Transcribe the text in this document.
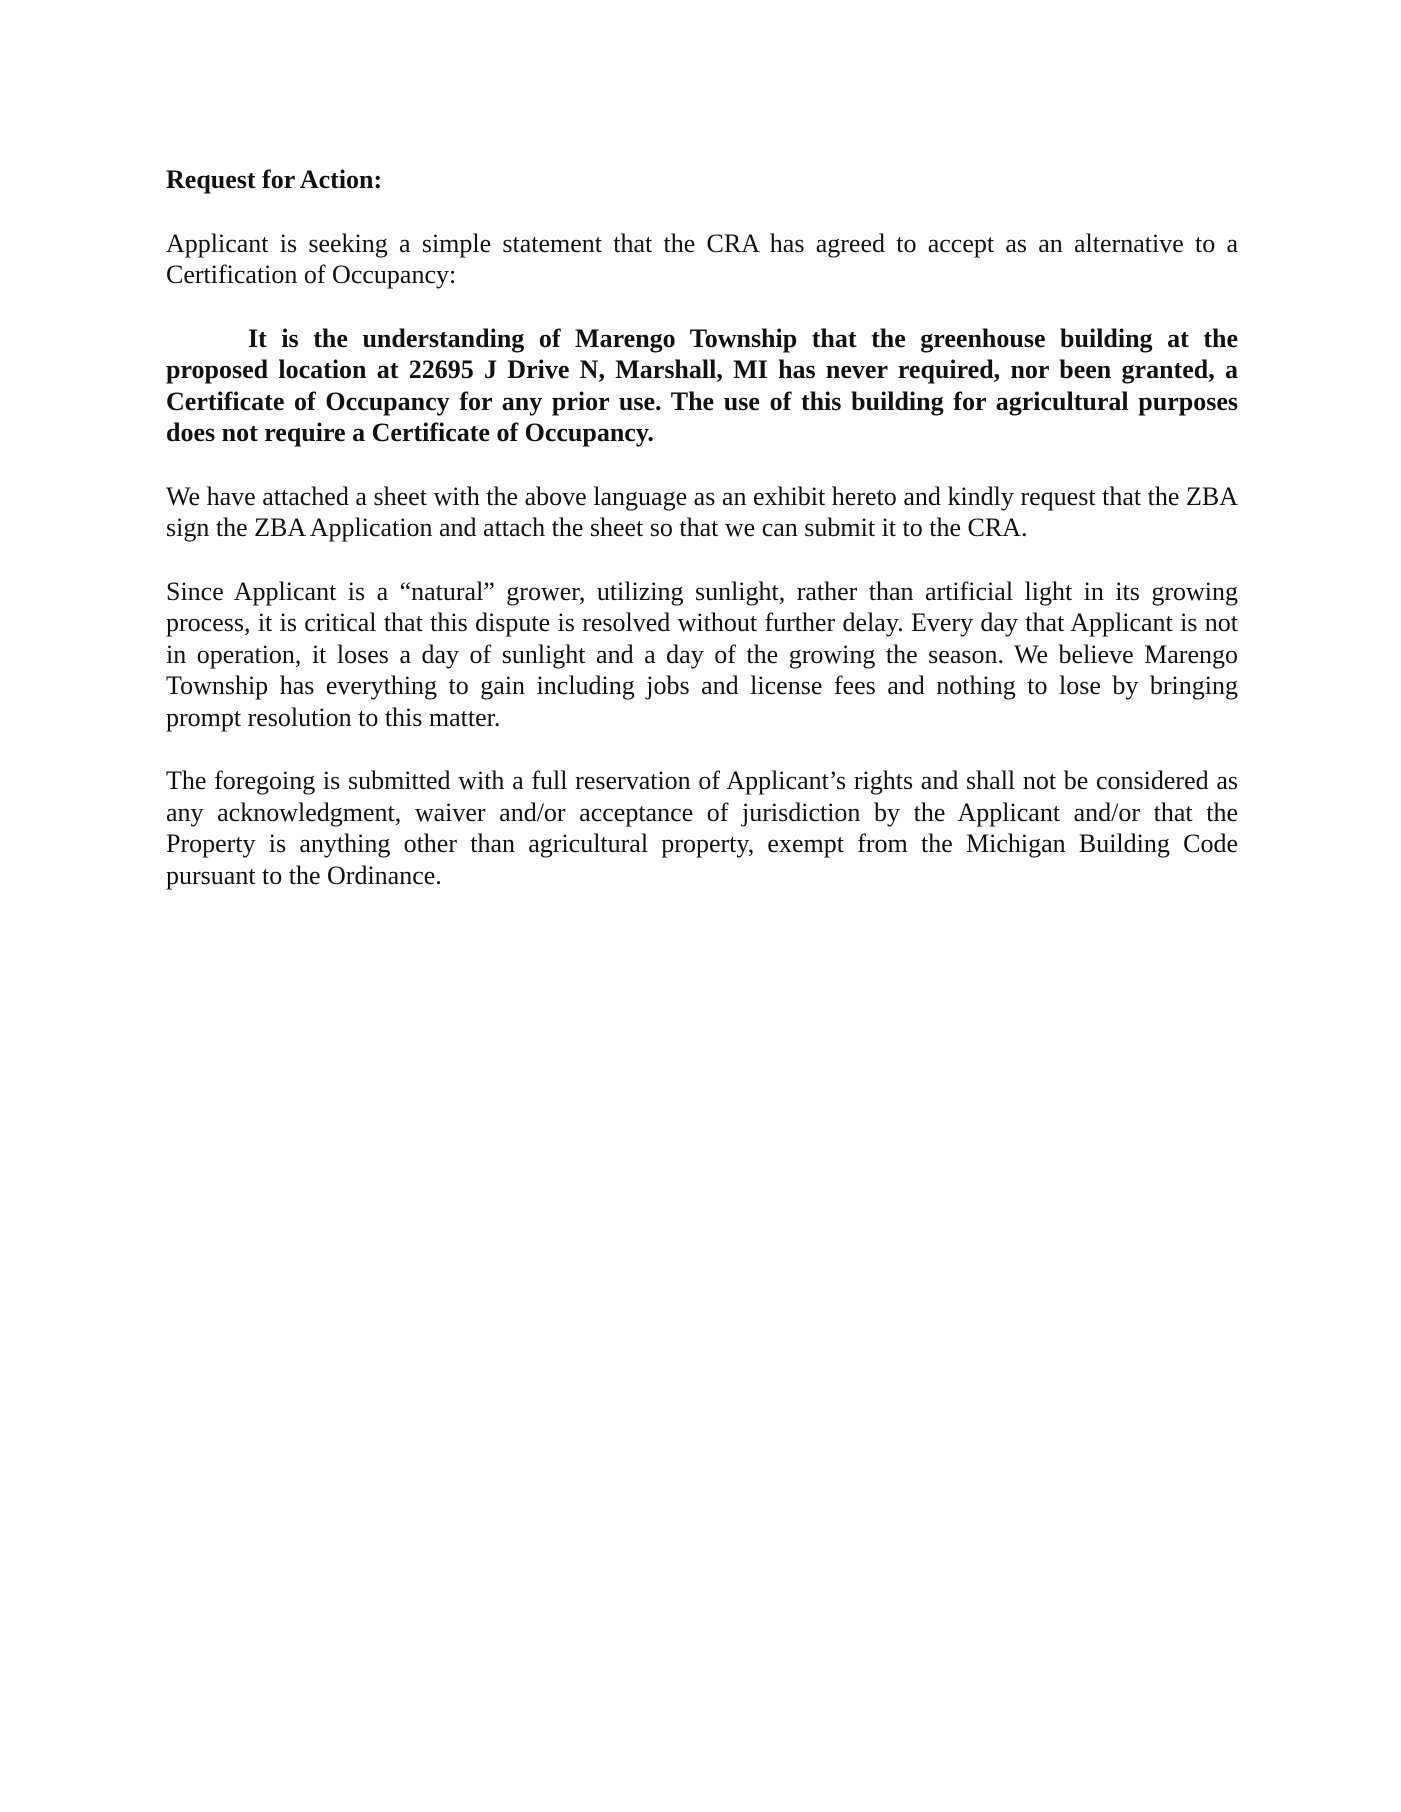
Request for Action:

Applicant is seeking a simple statement that the CRA has agreed to accept as an alternative to a Certification of Occupancy:

It is the understanding of Marengo Township that the greenhouse building at the proposed location at 22695 J Drive N, Marshall, MI has never required, nor been granted, a Certificate of Occupancy for any prior use. The use of this building for agricultural purposes does not require a Certificate of Occupancy.

We have attached a sheet with the above language as an exhibit hereto and kindly request that the ZBA sign the ZBA Application and attach the sheet so that we can submit it to the CRA.

Since Applicant is a “natural” grower, utilizing sunlight, rather than artificial light in its growing process, it is critical that this dispute is resolved without further delay. Every day that Applicant is not in operation, it loses a day of sunlight and a day of the growing the season. We believe Marengo Township has everything to gain including jobs and license fees and nothing to lose by bringing prompt resolution to this matter.

The foregoing is submitted with a full reservation of Applicant’s rights and shall not be considered as any acknowledgment, waiver and/or acceptance of jurisdiction by the Applicant and/or that the Property is anything other than agricultural property, exempt from the Michigan Building Code pursuant to the Ordinance.
